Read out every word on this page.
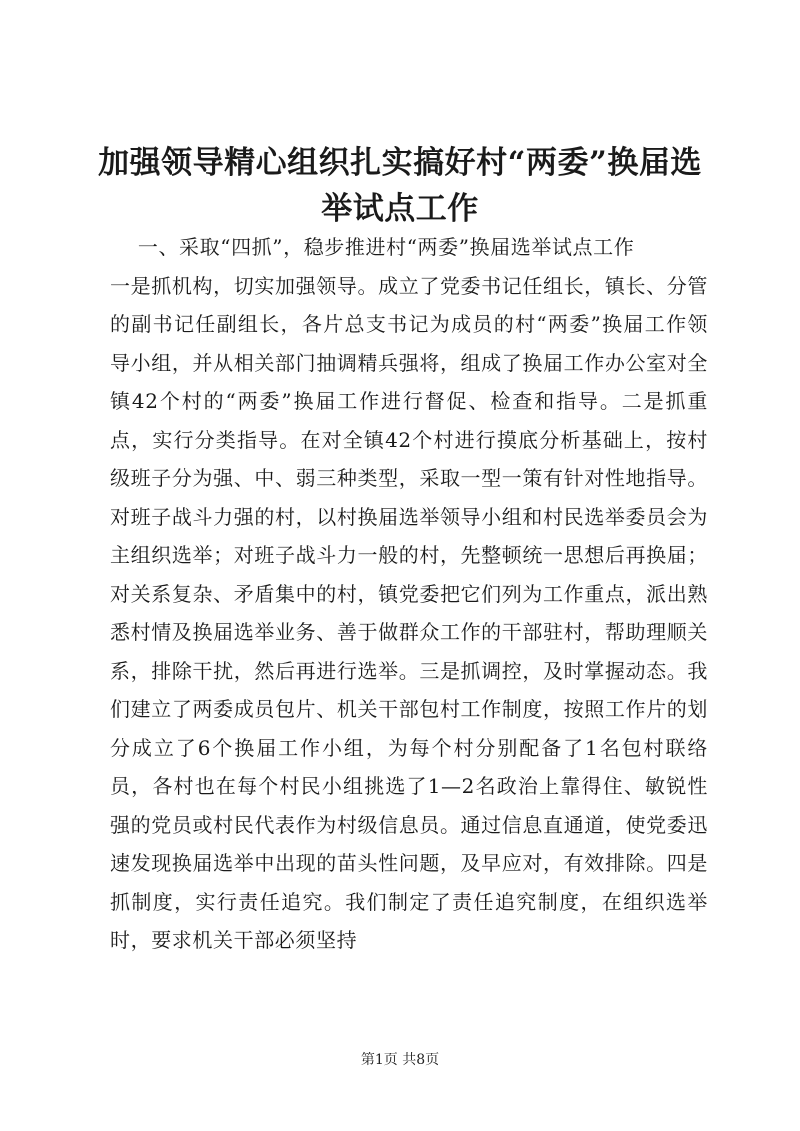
加强领导精心组织扎实搞好村“两委”换届选举试点工作

一、采取“四抓”，稳步推进村“两委”换届选举试点工作

一是抓机构，切实加强领导。成立了党委书记任组长，镇长、分管的副书记任副组长，各片总支书记为成员的村“两委”换届工作领导小组，并从相关部门抽调精兵强将，组成了换届工作办公室对全镇42个村的“两委”换届工作进行督促、检查和指导。二是抓重点，实行分类指导。在对全镇42个村进行摸底分析基础上，按村级班子分为强、中、弱三种类型，采取一型一策有针对性地指导。对班子战斗力强的村，以村换届选举领导小组和村民选举委员会为主组织选举；对班子战斗力一般的村，先整顿统一思想后再换届；对关系复杂、矛盾集中的村，镇党委把它们列为工作重点，派出熟悉村情及换届选举业务、善于做群众工作的干部驻村，帮助理顺关系，排除干扰，然后再进行选举。三是抓调控，及时掌握动态。我们建立了两委成员包片、机关干部包村工作制度，按照工作片的划分成立了6个换届工作小组，为每个村分别配备了1名包村联络员，各村也在每个村民小组挑选了1—2名政治上靠得住、敏锐性强的党员或村民代表作为村级信息员。通过信息直通道，使党委迅速发现换届选举中出现的苗头性问题，及早应对，有效排除。四是抓制度，实行责任追究。我们制定了责任追究制度，在组织选举时，要求机关干部必须坚持

第1页 共8页
